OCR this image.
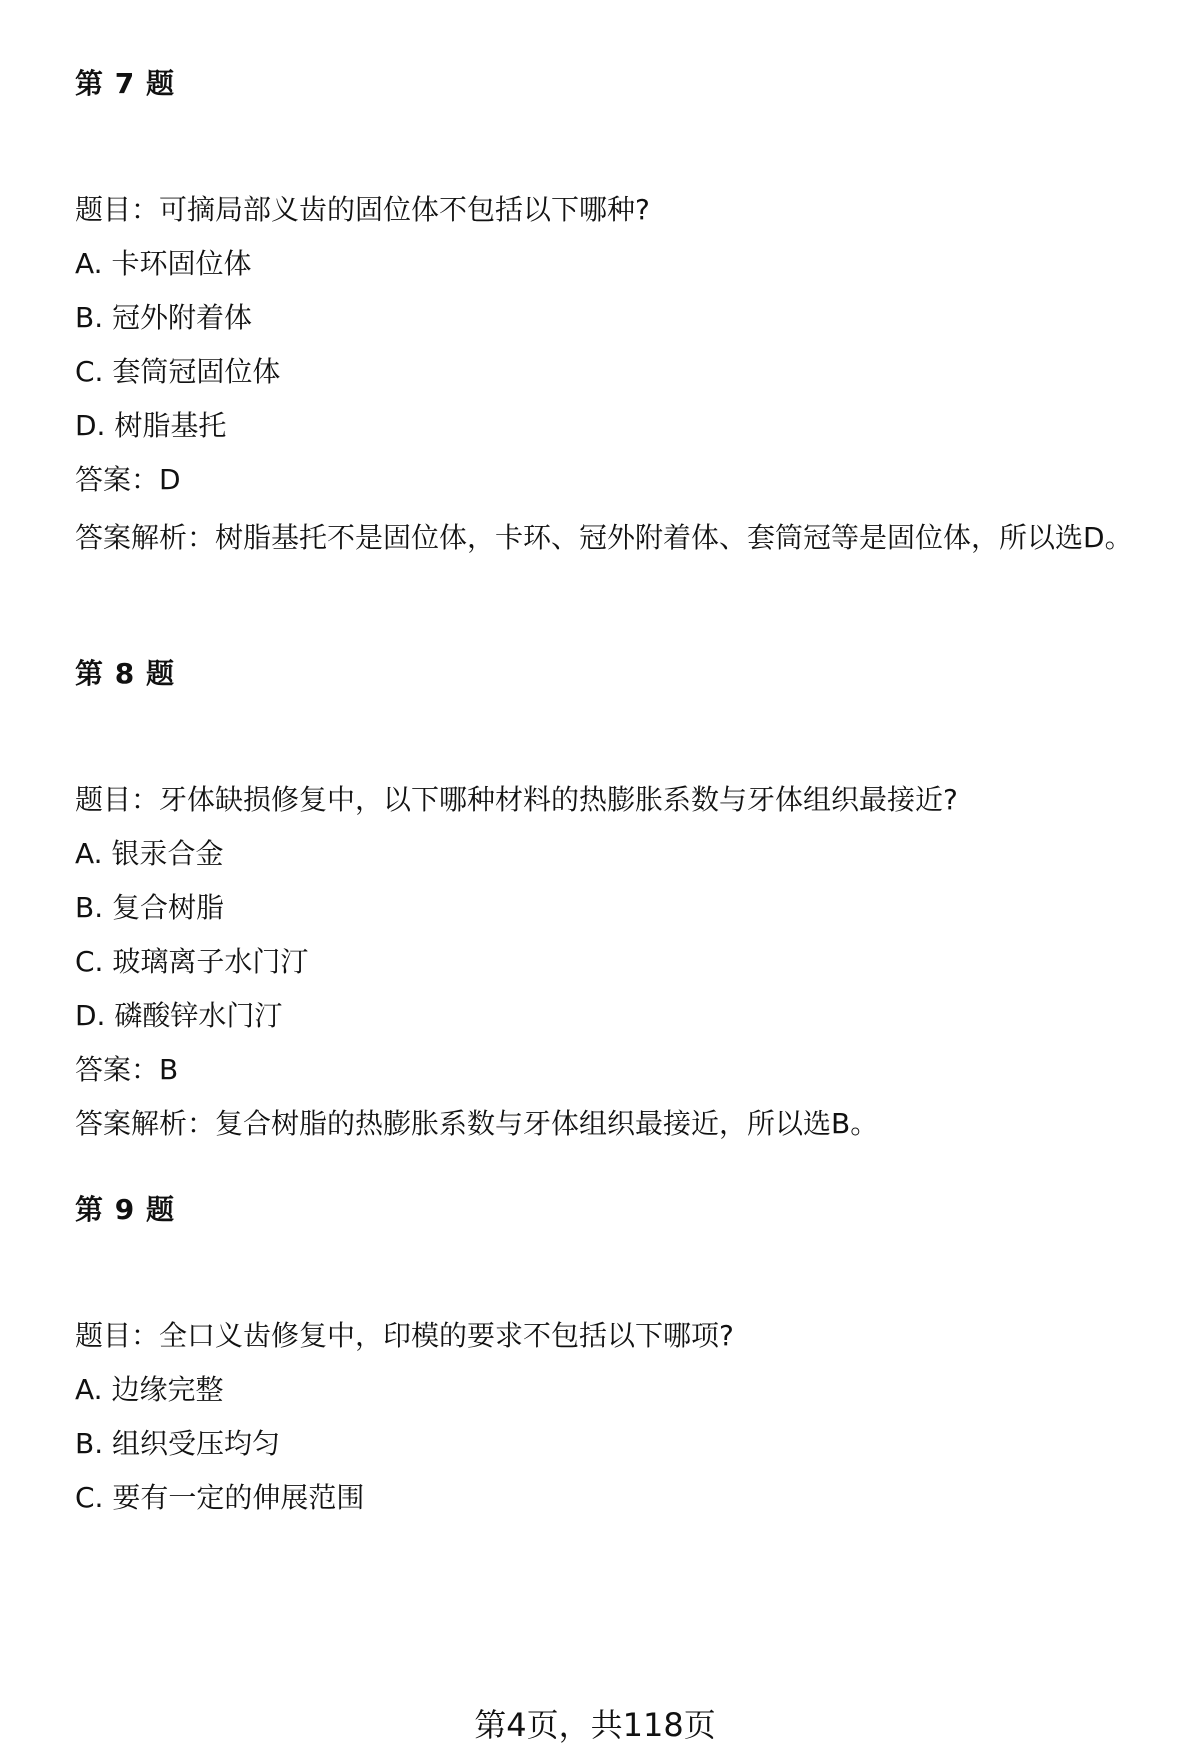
第 7 题
题目：可摘局部义齿的固位体不包括以下哪种?
A. 卡环固位体
B. 冠外附着体
C. 套筒冠固位体
D. 树脂基托
答案：D
答案解析：树脂基托不是固位体，卡环、冠外附着体、套筒冠等是固位体，所以选D。
第 8 题
题目：牙体缺损修复中，以下哪种材料的热膨胀系数与牙体组织最接近?
A. 银汞合金
B. 复合树脂
C. 玻璃离子水门汀
D. 磷酸锌水门汀
答案：B
答案解析：复合树脂的热膨胀系数与牙体组织最接近，所以选B。
第 9 题
题目：全口义齿修复中，印模的要求不包括以下哪项?
A. 边缘完整
B. 组织受压均匀
C. 要有一定的伸展范围
第4页，共118页
